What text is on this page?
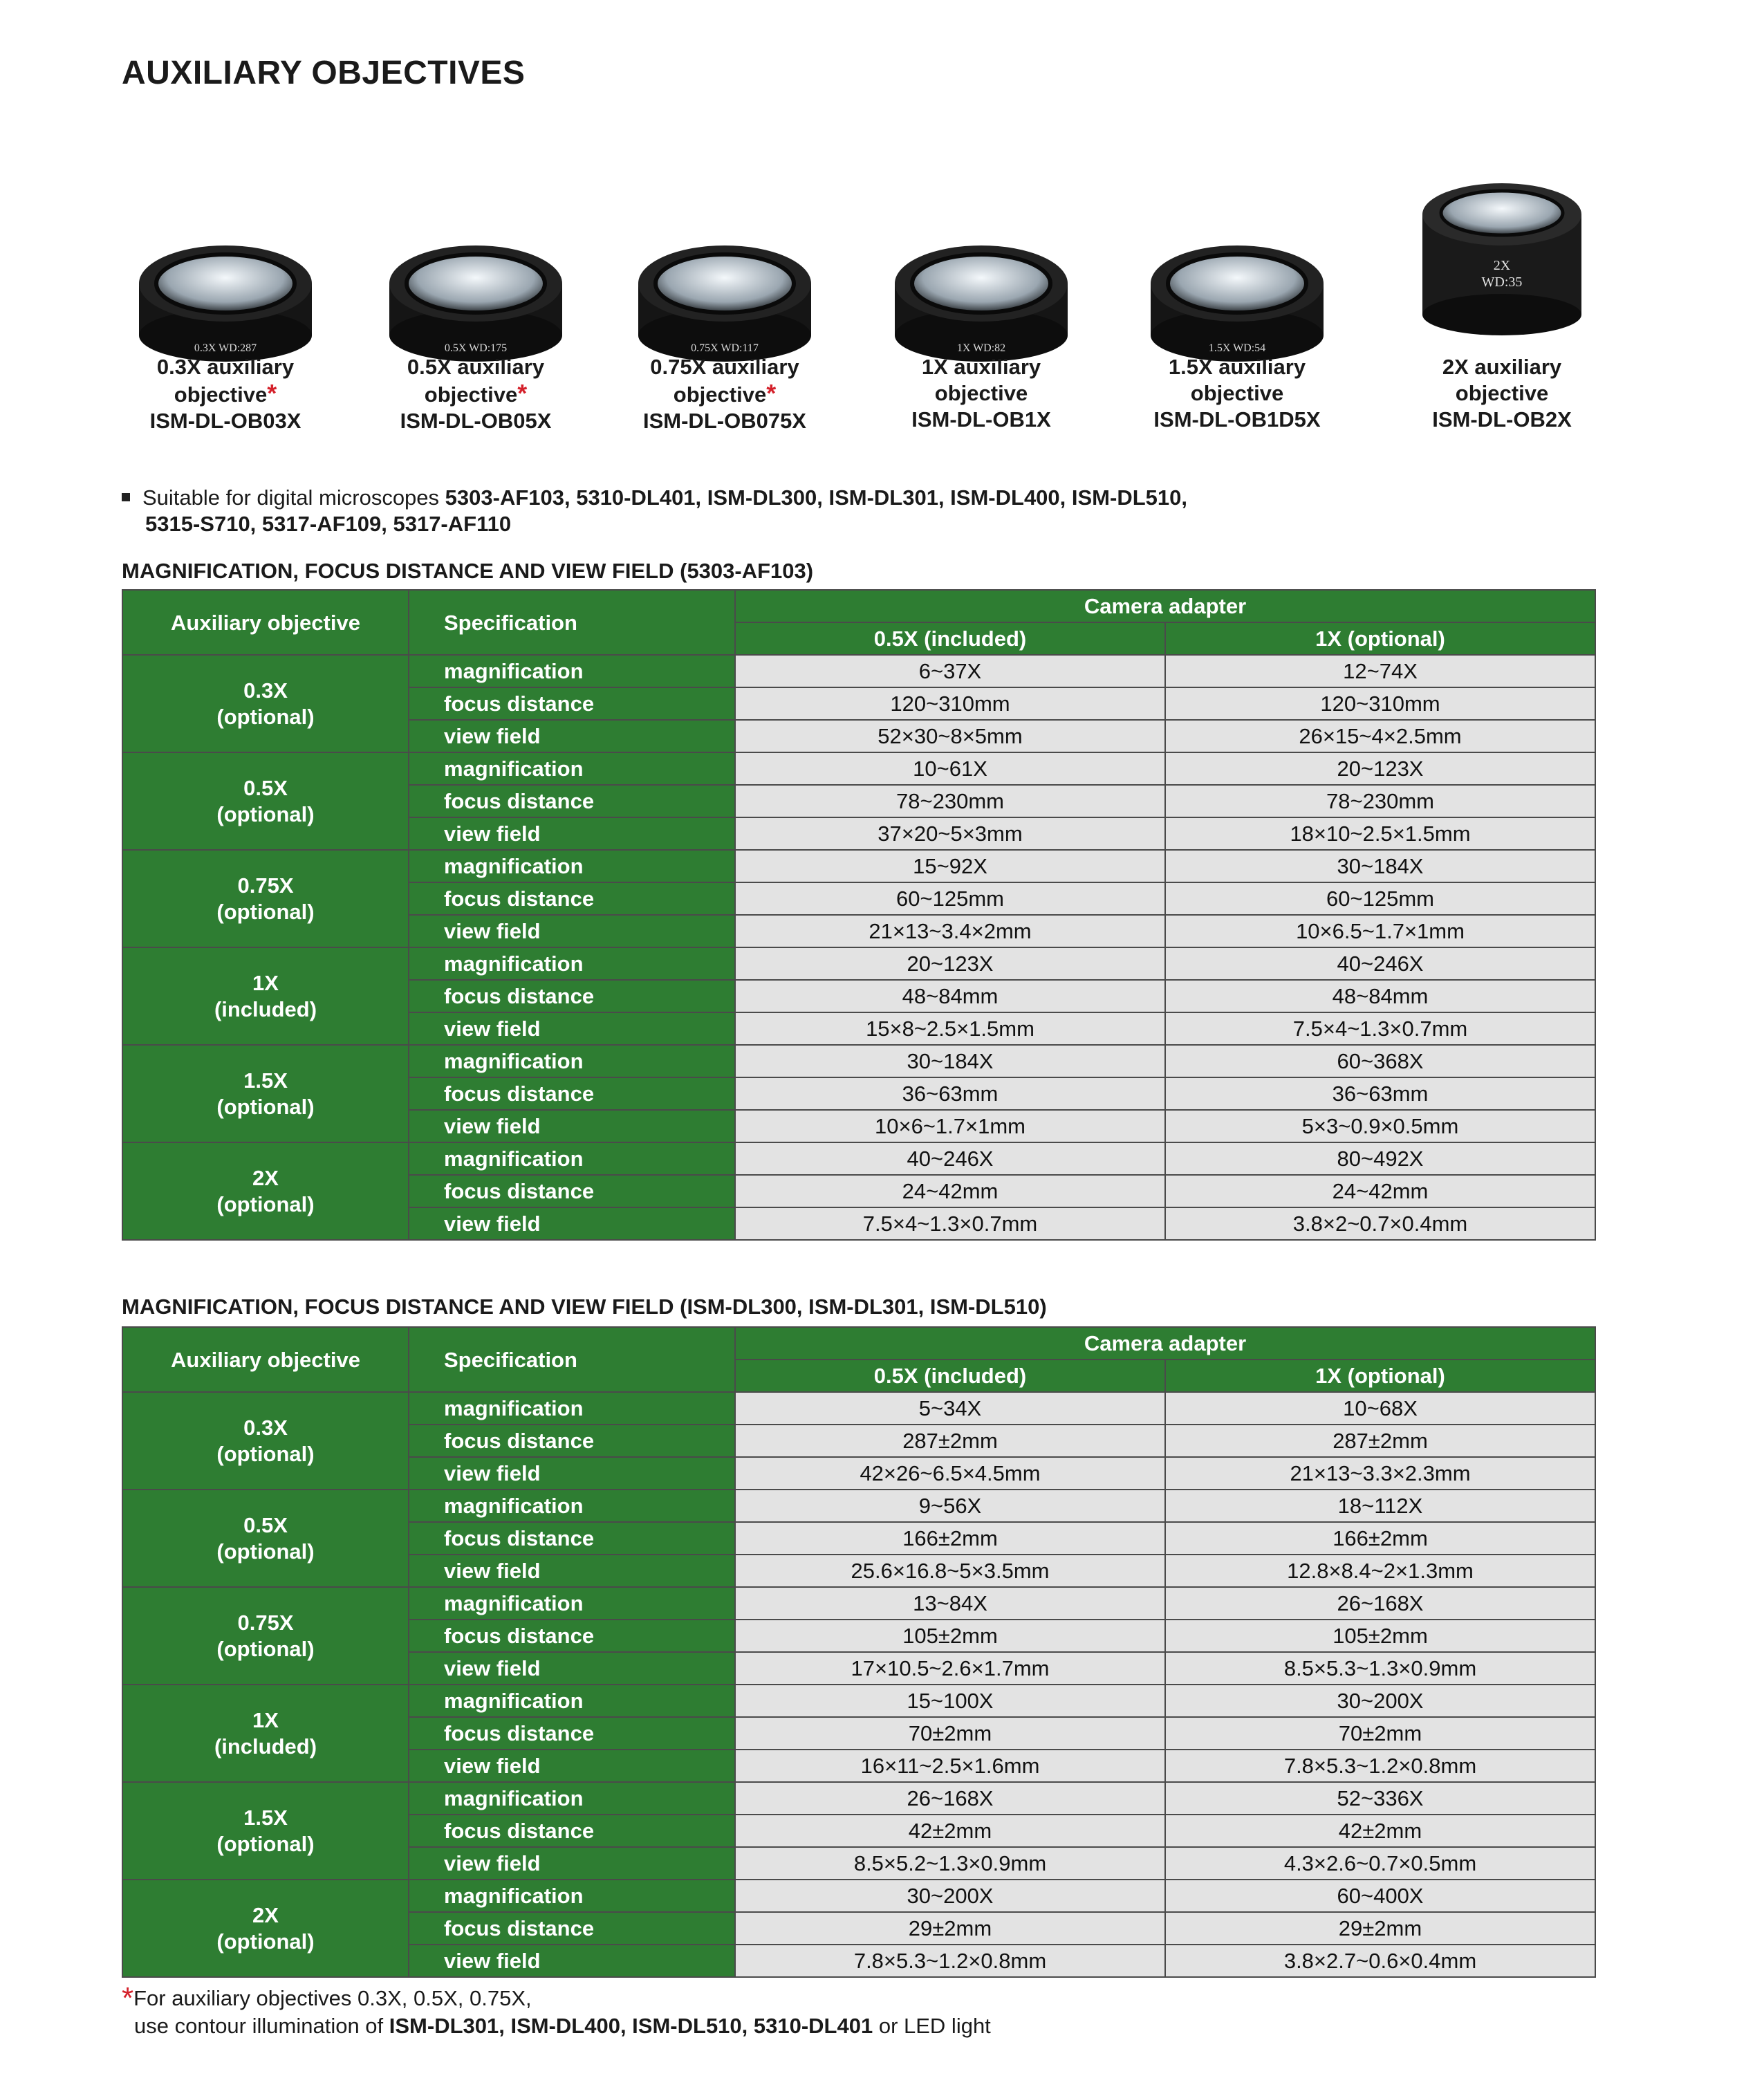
AUXILIARY OBJECTIVES
0.3X WD:287
0.3X auxiliary
objective*
ISM-DL-OB03X
0.5X WD:175
0.5X auxiliary
objective*
ISM-DL-OB05X
0.75X WD:117
0.75X auxiliary
objective*
ISM-DL-OB075X
1X WD:82
1X auxiliary
objective
ISM-DL-OB1X
1.5X WD:54
1.5X auxiliary
objective
ISM-DL-OB1D5X
2X
WD:35
2X auxiliary
objective
ISM-DL-OB2X
Suitable for digital microscopes 5303-AF103, 5310-DL401, ISM-DL300, ISM-DL301, ISM-DL400, ISM-DL510,
5315-S710, 5317-AF109, 5317-AF110
MAGNIFICATION, FOCUS DISTANCE AND VIEW FIELD (5303-AF103)
Auxiliary objective	Specification	Camera adapter	
		0.5X (included)	1X (optional)
0.3X
(optional)	magnification	6~37X	12~74X
	focus distance	120~310mm	120~310mm
	view field	52×30~8×5mm	26×15~4×2.5mm
0.5X
(optional)	magnification	10~61X	20~123X
	focus distance	78~230mm	78~230mm
	view field	37×20~5×3mm	18×10~2.5×1.5mm
0.75X
(optional)	magnification	15~92X	30~184X
	focus distance	60~125mm	60~125mm
	view field	21×13~3.4×2mm	10×6.5~1.7×1mm
1X
(included)	magnification	20~123X	40~246X
	focus distance	48~84mm	48~84mm
	view field	15×8~2.5×1.5mm	7.5×4~1.3×0.7mm
1.5X
(optional)	magnification	30~184X	60~368X
	focus distance	36~63mm	36~63mm
	view field	10×6~1.7×1mm	5×3~0.9×0.5mm
2X
(optional)	magnification	40~246X	80~492X
	focus distance	24~42mm	24~42mm
	view field	7.5×4~1.3×0.7mm	3.8×2~0.7×0.4mm
MAGNIFICATION, FOCUS DISTANCE AND VIEW FIELD (ISM-DL300, ISM-DL301, ISM-DL510)
Auxiliary objective	Specification	Camera adapter	
		0.5X (included)	1X (optional)
0.3X
(optional)	magnification	5~34X	10~68X
	focus distance	287±2mm	287±2mm
	view field	42×26~6.5×4.5mm	21×13~3.3×2.3mm
0.5X
(optional)	magnification	9~56X	18~112X
	focus distance	166±2mm	166±2mm
	view field	25.6×16.8~5×3.5mm	12.8×8.4~2×1.3mm
0.75X
(optional)	magnification	13~84X	26~168X
	focus distance	105±2mm	105±2mm
	view field	17×10.5~2.6×1.7mm	8.5×5.3~1.3×0.9mm
1X
(included)	magnification	15~100X	30~200X
	focus distance	70±2mm	70±2mm
	view field	16×11~2.5×1.6mm	7.8×5.3~1.2×0.8mm
1.5X
(optional)	magnification	26~168X	52~336X
	focus distance	42±2mm	42±2mm
	view field	8.5×5.2~1.3×0.9mm	4.3×2.6~0.7×0.5mm
2X
(optional)	magnification	30~200X	60~400X
	focus distance	29±2mm	29±2mm
	view field	7.8×5.3~1.2×0.8mm	3.8×2.7~0.6×0.4mm
*For auxiliary objectives 0.3X, 0.5X, 0.75X,
use contour illumination of ISM-DL301, ISM-DL400, ISM-DL510, 5310-DL401 or LED light
